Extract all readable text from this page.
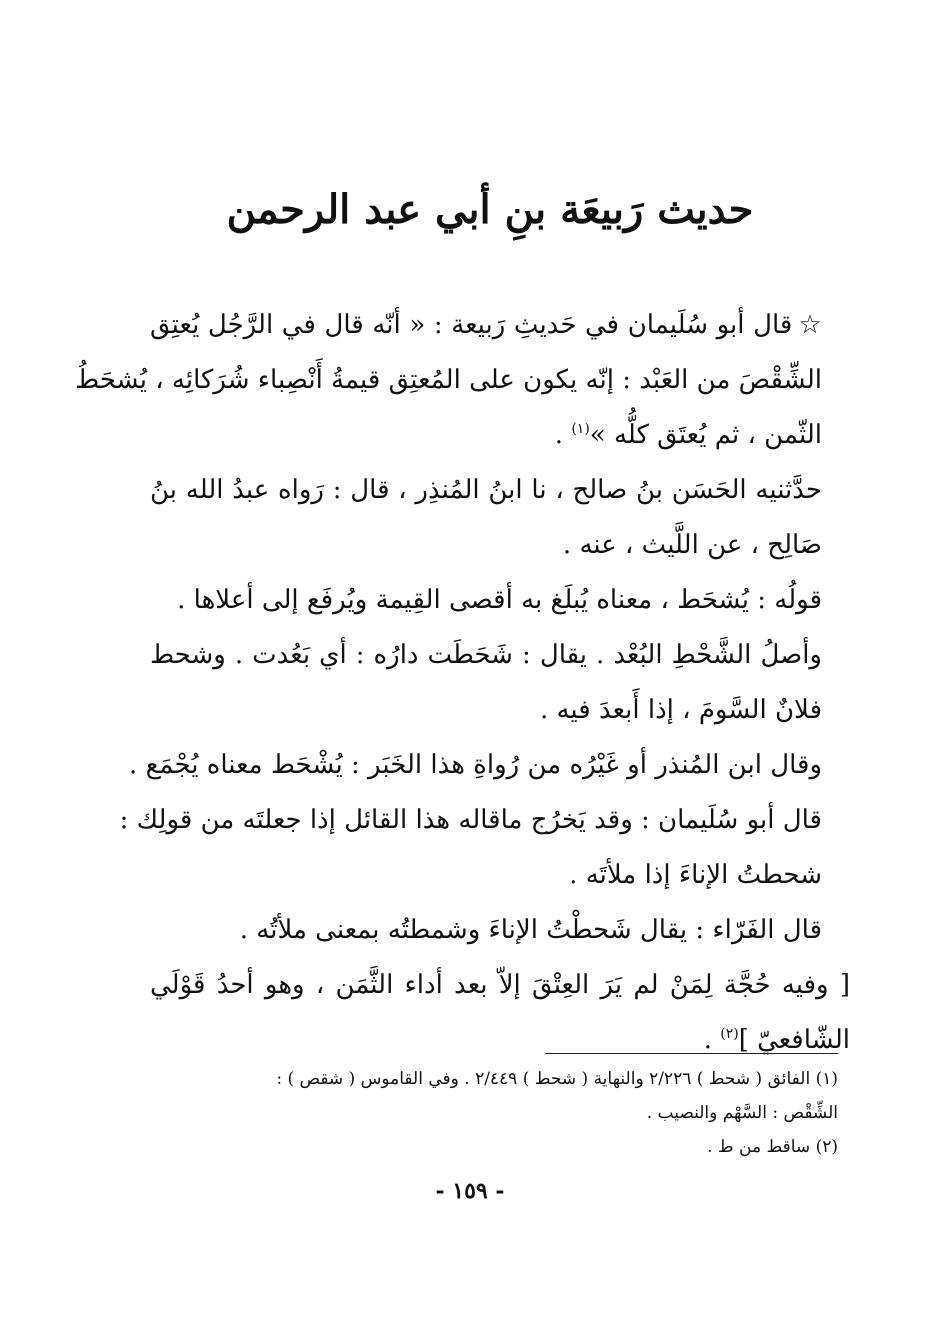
حديث رَبيعَة بنِ أبي عبد الرحمن

☆قال أبو سُلَيمان في حَديثِ رَبيعة : « أنّه قال في الرَّجُل يُعتِق
الشِّقْصَ من العَبْد : إنّه يكون على المُعتِق قيمةُ أَنْصِباء شُرَكائِه ، يُشحَطُ
الثّمن ، ثم يُعتَق كلُّه »$^{(١)}$ .

حدَّثنيه الحَسَن بنُ صالح ، نا ابنُ المُنذِر ، قال : رَواه عبدُ الله بنُ
صَالِح ، عن اللَّيث ، عنه .

قولُه : يُشحَط ، معناه يُبلَغ به أقصى القِيمة ويُرفَع إلى أعلاها .

وأصلُ الشَّحْطِ البُعْد . يقال : شَحَطَت دارُه : أي بَعُدت . وشحط
فلانٌ السَّومَ ، إذا أَبعدَ فيه .

وقال ابن المُنذر أو غَيْرُه من رُواةِ هذا الخَبَر : يُشْحَط معناه يُجْمَع .

قال أبو سُلَيمان : وقد يَخرُج ماقاله هذا القائل إذا جعلتَه من قولِك :
شحطتُ الإناءَ إذا ملأتَه .

قال الفَرّاء : يقال شَحطْتُ الإناءَ وشمطتُه بمعنى ملأتُه .

[ وفيه حُجَّة لِمَنْ لم يَرَ العِتْقَ إلاّ بعد أداء الثَّمَن ، وهو أحدُ قَوْلَي
الشّافعيّ ]$^{(٢)}$ .

(١) الفائق ( شحط ) ٢/٢٢٦ والنهاية ( شحط ) ٢/٤٤٩ . وفي القاموس ( شقص ) :
الشِّقْص : السَّهْم والنصيب .
(٢) ساقط من ط .
- ١٥٩ -
